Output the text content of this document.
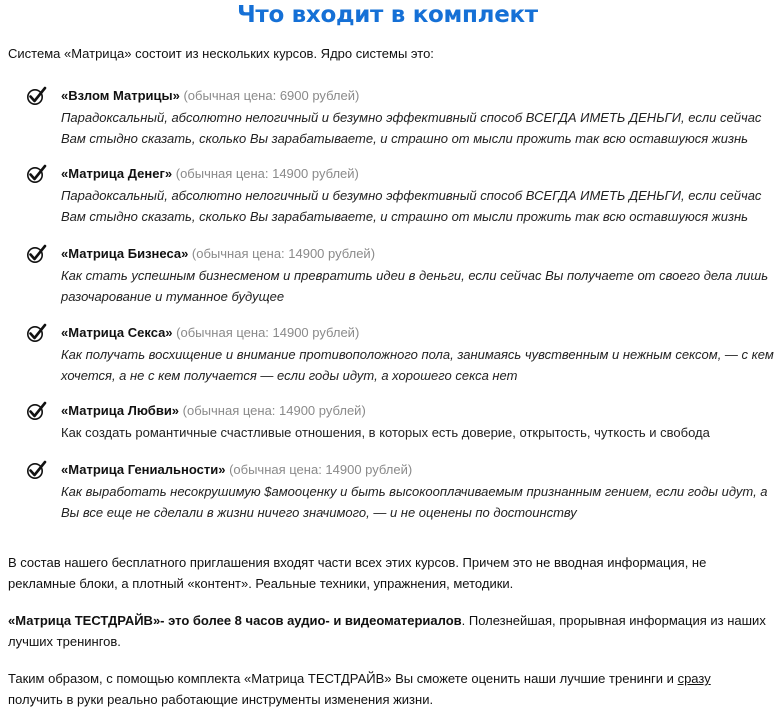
Что входит в комплект
Система «Матрица» состоит из нескольких курсов. Ядро системы это:
«Взлом Матрицы» (обычная цена: 6900 рублей)
Парадоксальный, абсолютно нелогичный и безумно эффективный способ ВСЕГДА ИМЕТЬ ДЕНЬГИ, если сейчас Вам стыдно сказать, сколько Вы зарабатываете, и страшно от мысли прожить так всю оставшуюся жизнь
«Матрица Денег» (обычная цена: 14900 рублей)
Парадоксальный, абсолютно нелогичный и безумно эффективный способ ВСЕГДА ИМЕТЬ ДЕНЬГИ, если сейчас Вам стыдно сказать, сколько Вы зарабатываете, и страшно от мысли прожить так всю оставшуюся жизнь
«Матрица Бизнеса» (обычная цена: 14900 рублей)
Как стать успешным бизнесменом и превратить идеи в деньги, если сейчас Вы получаете от своего дела лишь разочарование и туманное будущее
«Матрица Секса» (обычная цена: 14900 рублей)
Как получать восхищение и внимание противоположного пола, занимаясь чувственным и нежным сексом, — с кем хочется, а не с кем получается — если годы идут, а хорошего секса нет
«Матрица Любви» (обычная цена: 14900 рублей)
Как создать романтичные счастливые отношения, в которых есть доверие, открытость, чуткость и свобода
«Матрица Гениальности» (обычная цена: 14900 рублей)
Как выработать несокрушимую $амооценку и быть высокооплачиваемым признанным гением, если годы идут, а Вы все еще не сделали в жизни ничего значимого, — и не оценены по достоинству
В состав нашего бесплатного приглашения входят части всех этих курсов. Причем это не вводная информация, не рекламные блоки, а плотный «контент». Реальные техники, упражнения, методики.
«Матрица ТЕСТДРАЙВ»- это более 8 часов аудио- и видеоматериалов. Полезнейшая, прорывная информация из наших лучших тренингов.
Таким образом, с помощью комплекта «Матрица ТЕСТДРАЙВ» Вы сможете оценить наши лучшие тренинги и сразу получить в руки реально работающие инструменты изменения жизни.
